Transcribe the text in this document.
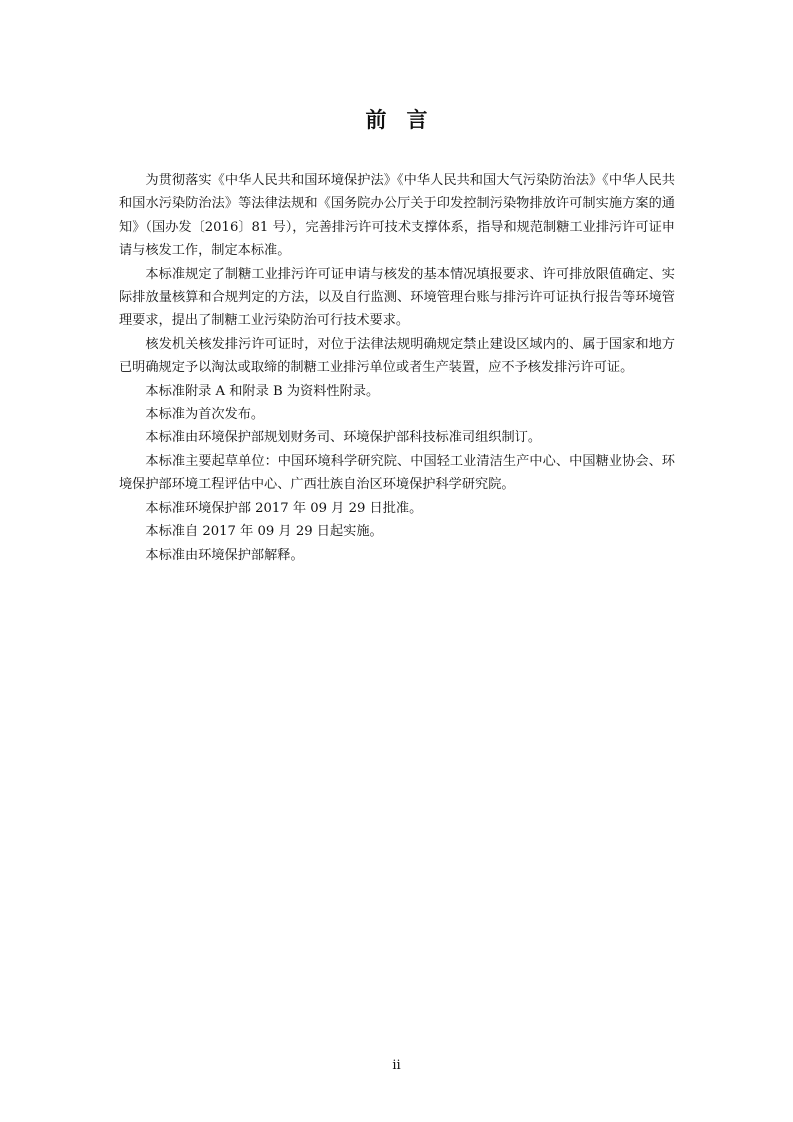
前言

为贯彻落实《中华人民共和国环境保护法》《中华人民共和国大气污染防治法》《中华人民共和国水污染防治法》等法律法规和《国务院办公厅关于印发控制污染物排放许可制实施方案的通知》（国办发〔2016〕81 号），完善排污许可技术支撑体系，指导和规范制糖工业排污许可证申请与核发工作，制定本标准。

本标准规定了制糖工业排污许可证申请与核发的基本情况填报要求、许可排放限值确定、实际排放量核算和合规判定的方法，以及自行监测、环境管理台账与排污许可证执行报告等环境管理要求，提出了制糖工业污染防治可行技术要求。

核发机关核发排污许可证时，对位于法律法规明确规定禁止建设区域内的、属于国家和地方已明确规定予以淘汰或取缔的制糖工业排污单位或者生产装置，应不予核发排污许可证。

本标准附录 A 和附录 B 为资料性附录。

本标准为首次发布。

本标准由环境保护部规划财务司、环境保护部科技标准司组织制订。

本标准主要起草单位：中国环境科学研究院、中国轻工业清洁生产中心、中国糖业协会、环境保护部环境工程评估中心、广西壮族自治区环境保护科学研究院。

本标准环境保护部 2017 年 09 月 29 日批准。

本标准自 2017 年 09 月 29 日起实施。

本标准由环境保护部解释。

ii
